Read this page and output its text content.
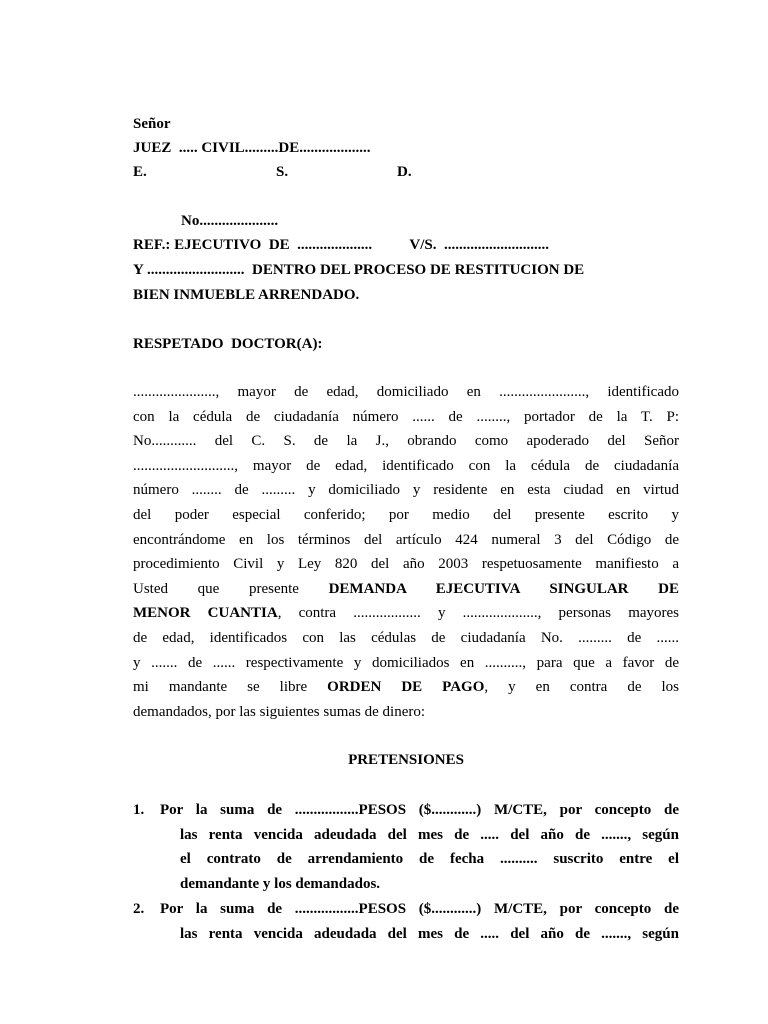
Señor
JUEZ  ..... CIVIL.........DE...................
E.	S.	D.
No.....................
REF.: EJECUTIVO  DE  ....................          V/S.  ............................
Y ..........................  DENTRO DEL PROCESO DE RESTITUCION DE
BIEN INMUEBLE ARRENDADO.
RESPETADO  DOCTOR(A):
......................, mayor de edad, domiciliado en ......................., identificado
con la cédula de ciudadanía número ...... de ........, portador de la T. P:
No............ del C. S. de la J., obrando como apoderado del Señor
..........................., mayor de edad, identificado con la cédula de ciudadanía
número ........ de ......... y domiciliado y residente en esta ciudad en virtud
del poder especial conferido; por medio del presente escrito y
encontrándome en los términos del artículo 424 numeral 3 del Código de
procedimiento Civil y Ley 820 del año 2003 respetuosamente manifiesto a
Usted que presente DEMANDA EJECUTIVA SINGULAR DE
MENOR CUANTIA, contra .................. y ...................., personas mayores
de edad, identificados con las cédulas de ciudadanía No. ......... de ......
y ....... de ...... respectivamente y domiciliados en .........., para que a favor de
mi mandante se libre ORDEN DE PAGO, y en contra de los
demandados, por las siguientes sumas de dinero:
PRETENSIONES
1. Por la suma de .................PESOS ($............) M/CTE, por concepto de
las renta vencida adeudada del mes de ..... del año de ......., según
el contrato de arrendamiento de fecha .......... suscrito entre el
demandante y los demandados.
2. Por la suma de .................PESOS ($............) M/CTE, por concepto de
las renta vencida adeudada del mes de ..... del año de ......., según
